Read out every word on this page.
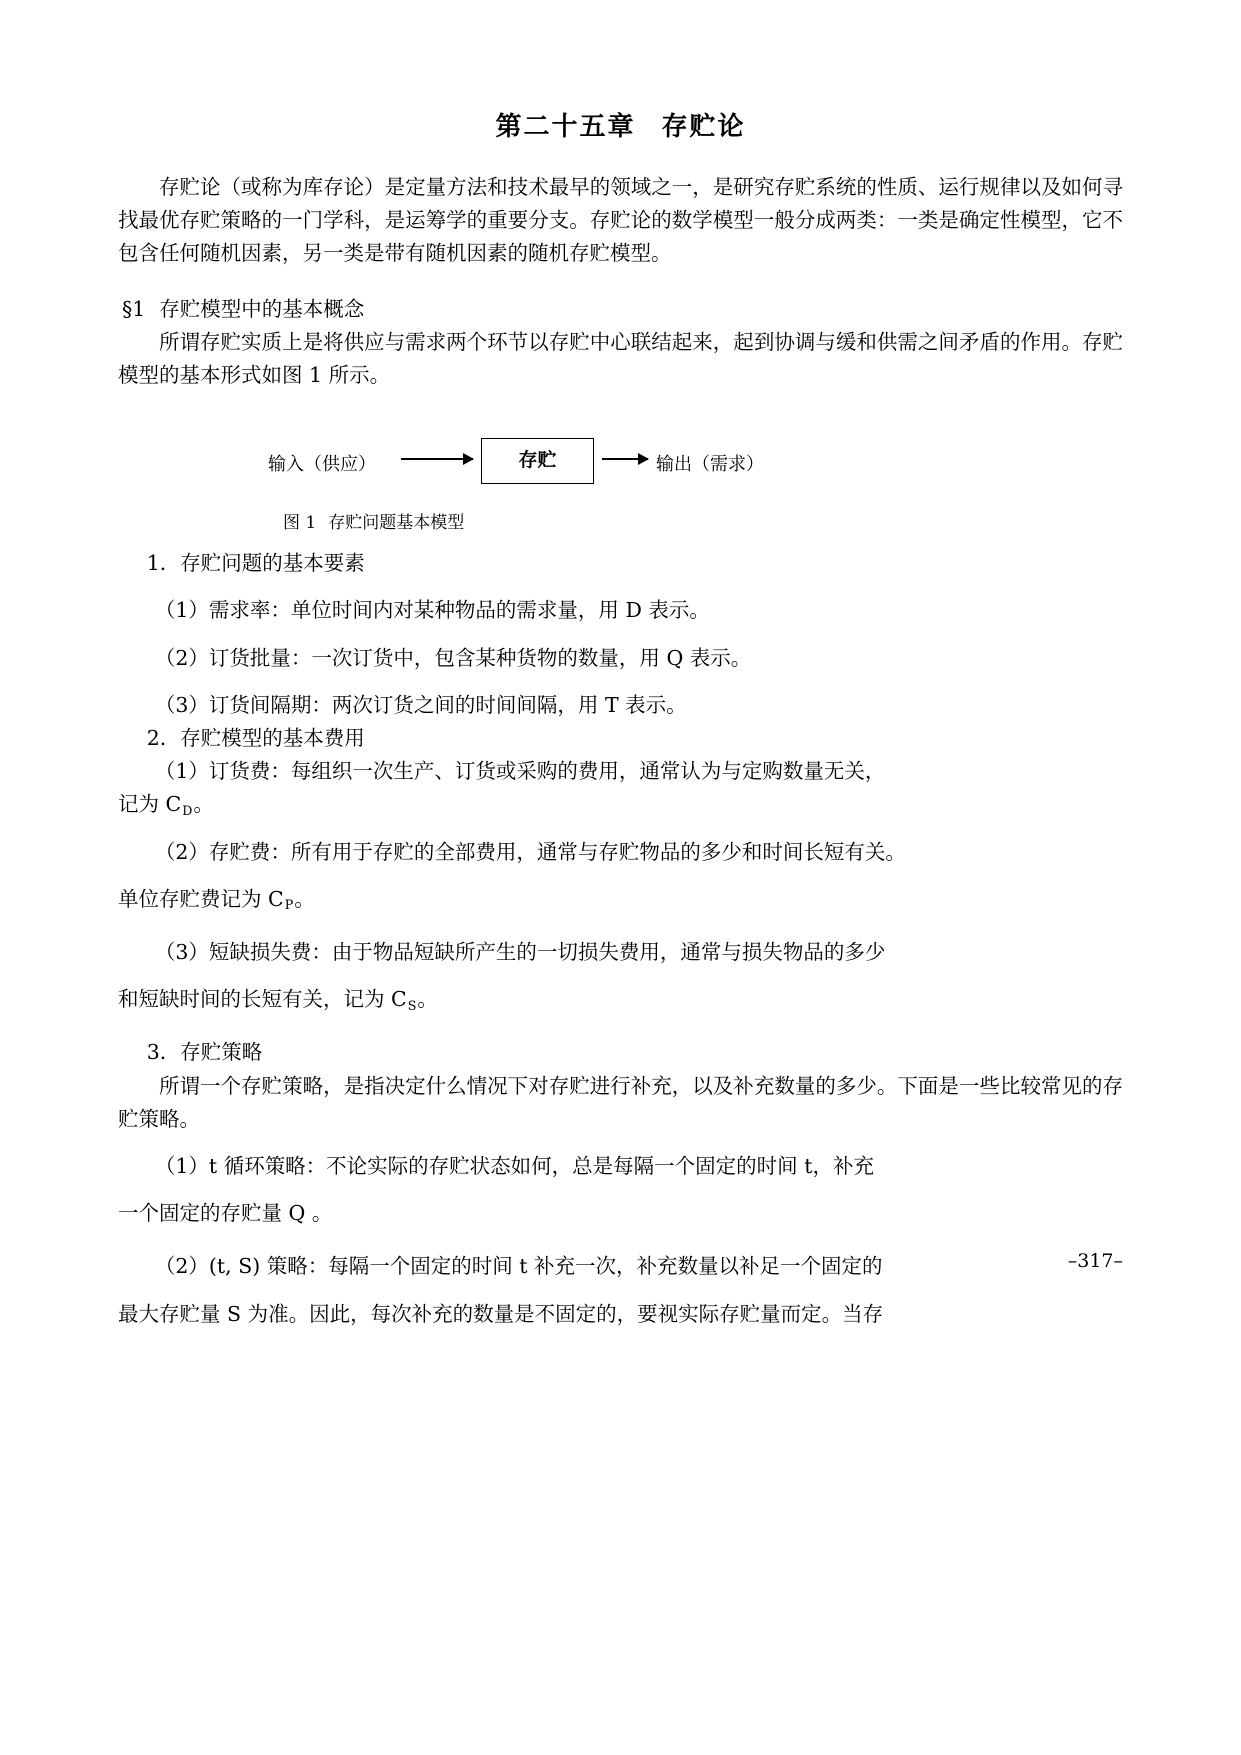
第二十五章 存贮论

存贮论（或称为库存论）是定量方法和技术最早的领域之一，是研究存贮系统的性质、运行规律以及如何寻找最优存贮策略的一门学科，是运筹学的重要分支。存贮论的数学模型一般分成两类：一类是确定性模型，它不包含任何随机因素，另一类是带有随机因素的随机存贮模型。

§1 存贮模型中的基本概念

所谓存贮实质上是将供应与需求两个环节以存贮中心联结起来，起到协调与缓和供需之间矛盾的作用。存贮模型的基本形式如图 1 所示。

输入（供应）	存贮	输出（需求）
图 1 存贮问题基本模型

1．存贮问题的基本要素

（1）需求率：单位时间内对某种物品的需求量，用 D 表示。

（2）订货批量：一次订货中，包含某种货物的数量，用 Q 表示。

（3）订货间隔期：两次订货之间的时间间隔，用 T 表示。

2．存贮模型的基本费用

（1）订货费：每组织一次生产、订货或采购的费用，通常认为与定购数量无关，

记为 $C_D$。

（2）存贮费：所有用于存贮的全部费用，通常与存贮物品的多少和时间长短有关。

单位存贮费记为 $C_P$。

（3）短缺损失费：由于物品短缺所产生的一切损失费用，通常与损失物品的多少

和短缺时间的长短有关，记为 $C_S$。

3．存贮策略

所谓一个存贮策略，是指决定什么情况下对存贮进行补充，以及补充数量的多少。下面是一些比较常见的存贮策略。

（1）t 循环策略：不论实际的存贮状态如何，总是每隔一个固定的时间 t，补充

一个固定的存贮量 Q 。

（2）(t, S) 策略：每隔一个固定的时间 t 补充一次，补充数量以补足一个固定的

最大存贮量 S 为准。因此，每次补充的数量是不固定的，要视实际存贮量而定。当存

–317–
